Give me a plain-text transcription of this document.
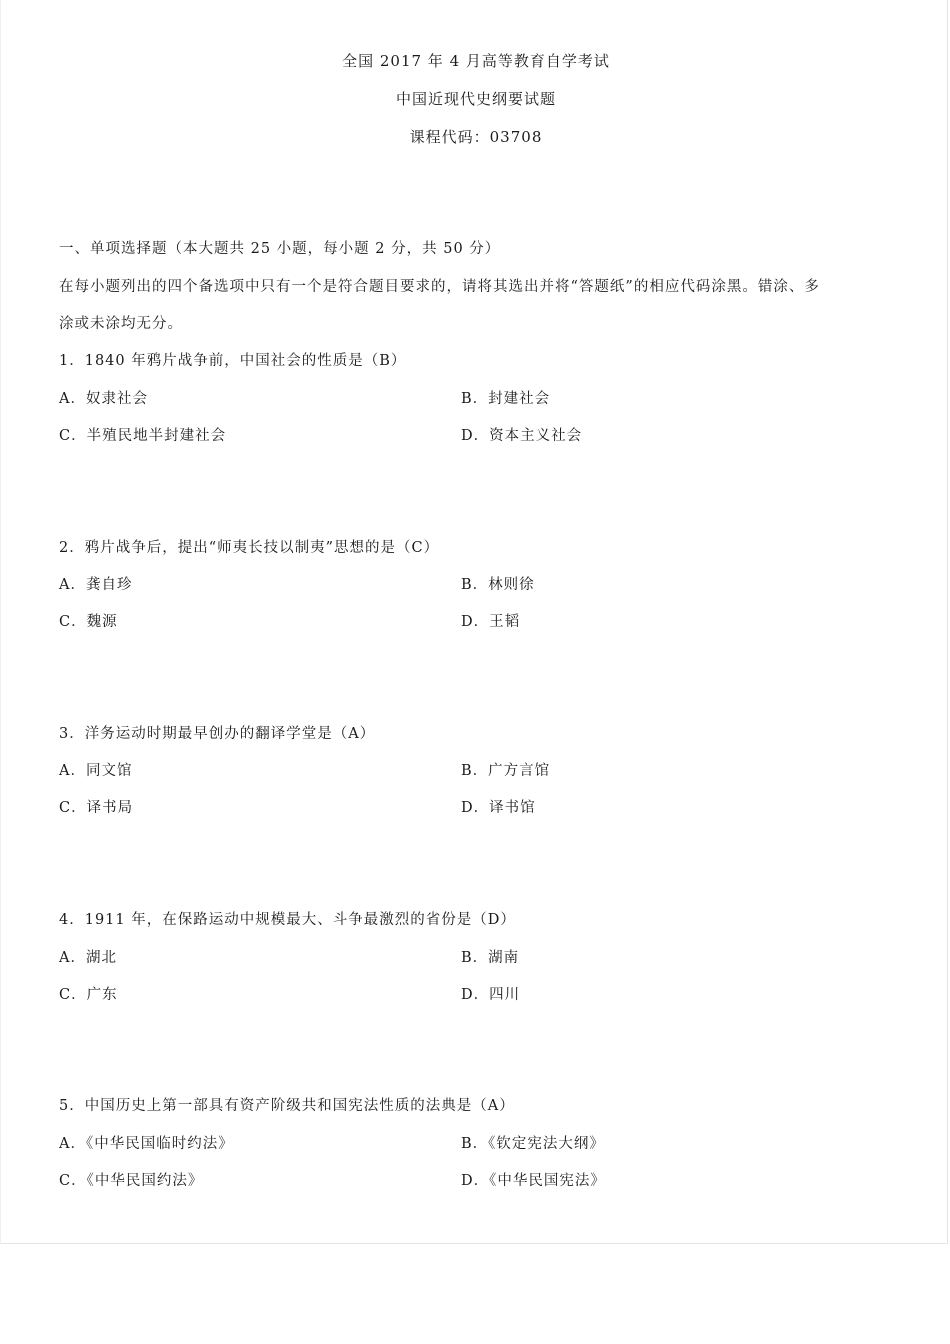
全国 2017 年 4 月高等教育自学考试
中国近现代史纲要试题
课程代码：03708
一、单项选择题（本大题共 25 小题，每小题 2 分，共 50 分）
在每小题列出的四个备选项中只有一个是符合题目要求的，请将其选出并将“答题纸”的相应代码涂黑。错涂、多
涂或未涂均无分。
1．1840 年鸦片战争前，中国社会的性质是（B）
A．奴隶社会	B．封建社会
C．半殖民地半封建社会	D．资本主义社会
2．鸦片战争后，提出“师夷长技以制夷”思想的是（C）
A．龚自珍	B．林则徐
C．魏源	D．王韬
3．洋务运动时期最早创办的翻译学堂是（A）
A．同文馆	B．广方言馆
C．译书局	D．译书馆
4．1911 年，在保路运动中规模最大、斗争最激烈的省份是（D）
A．湖北	B．湖南
C．广东	D．四川
5．中国历史上第一部具有资产阶级共和国宪法性质的法典是（A）
A．《中华民国临时约法》	B．《钦定宪法大纲》
C．《中华民国约法》	D．《中华民国宪法》
